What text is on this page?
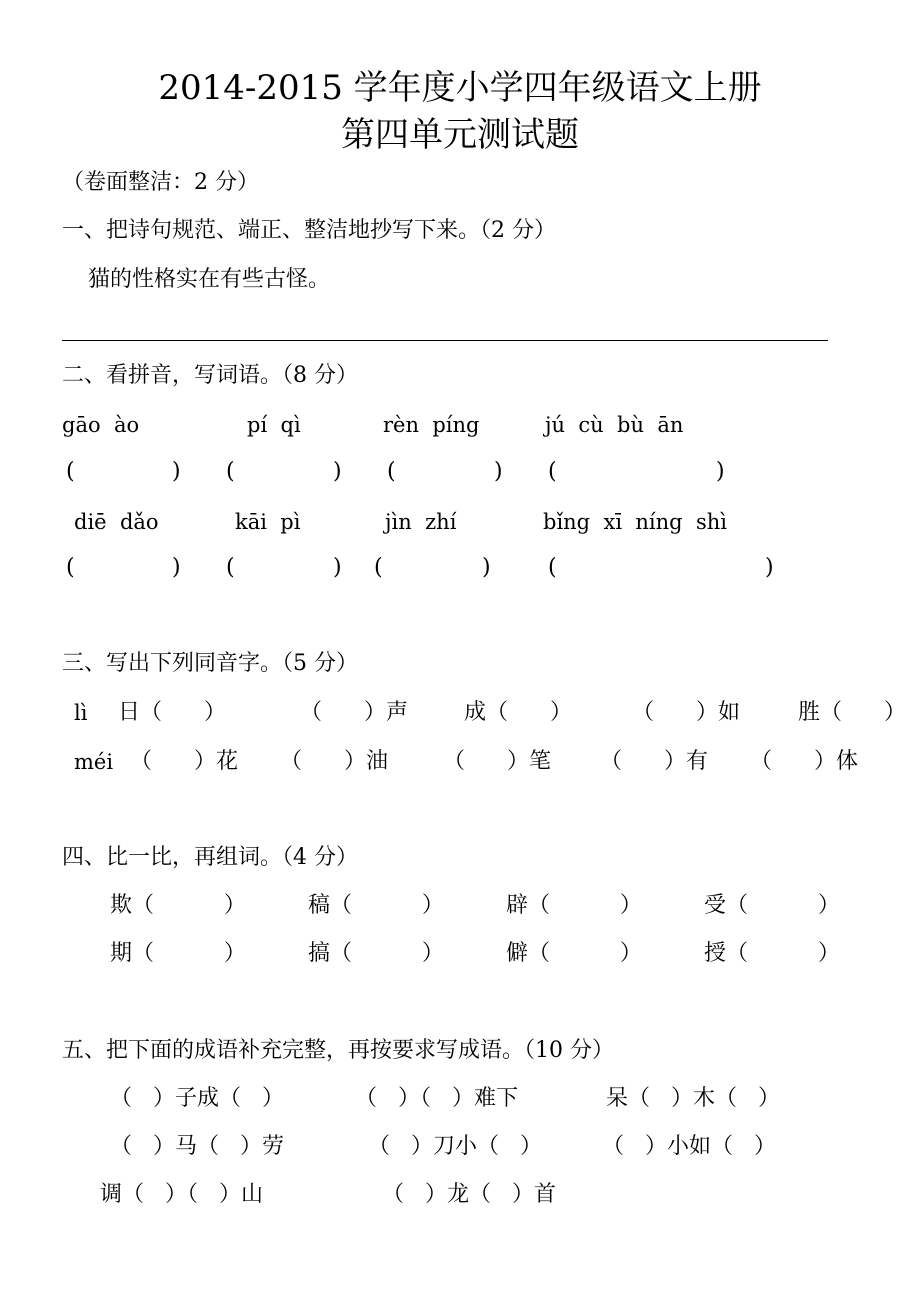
2014-2015 学年度小学四年级语文上册
第四单元测试题
（卷面整洁：2 分）
一、把诗句规范、端正、整洁地抄写下来。（2 分）
猫的性格实在有些古怪。
二、看拼音，写词语。（8 分）
gāo  ào	pí  qì	rèn  píng	jú  cù  bù  ān
(	) (	) (	) (	)
diē  dǎo	kāi  pì	jìn  zhí	bǐng  xī  níng  shì
(	) (	) (	)	(	)
三、写出下列同音字。（5 分）
lì 日（      ）	（      ）声	成（      ）	（      ）如	胜（      ）
méi （      ）花 （      ）油	（      ）笔 （      ）有 （      ）体
四、比一比，再组词。（4 分）
欺（          ）	稿（          ）	辟（          ）	受（          ）
期（          ）	搞（          ）	僻（          ）	授（          ）
五、把下面的成语补充完整，再按要求写成语。（10 分）
（   ）子成（   ）	（   ）（   ）难下	呆（   ）木（   ）
（   ）马（   ）劳	（   ）刀小（   ）	（   ）小如（   ）
调（   ）（   ）山	（   ）龙（   ）首
